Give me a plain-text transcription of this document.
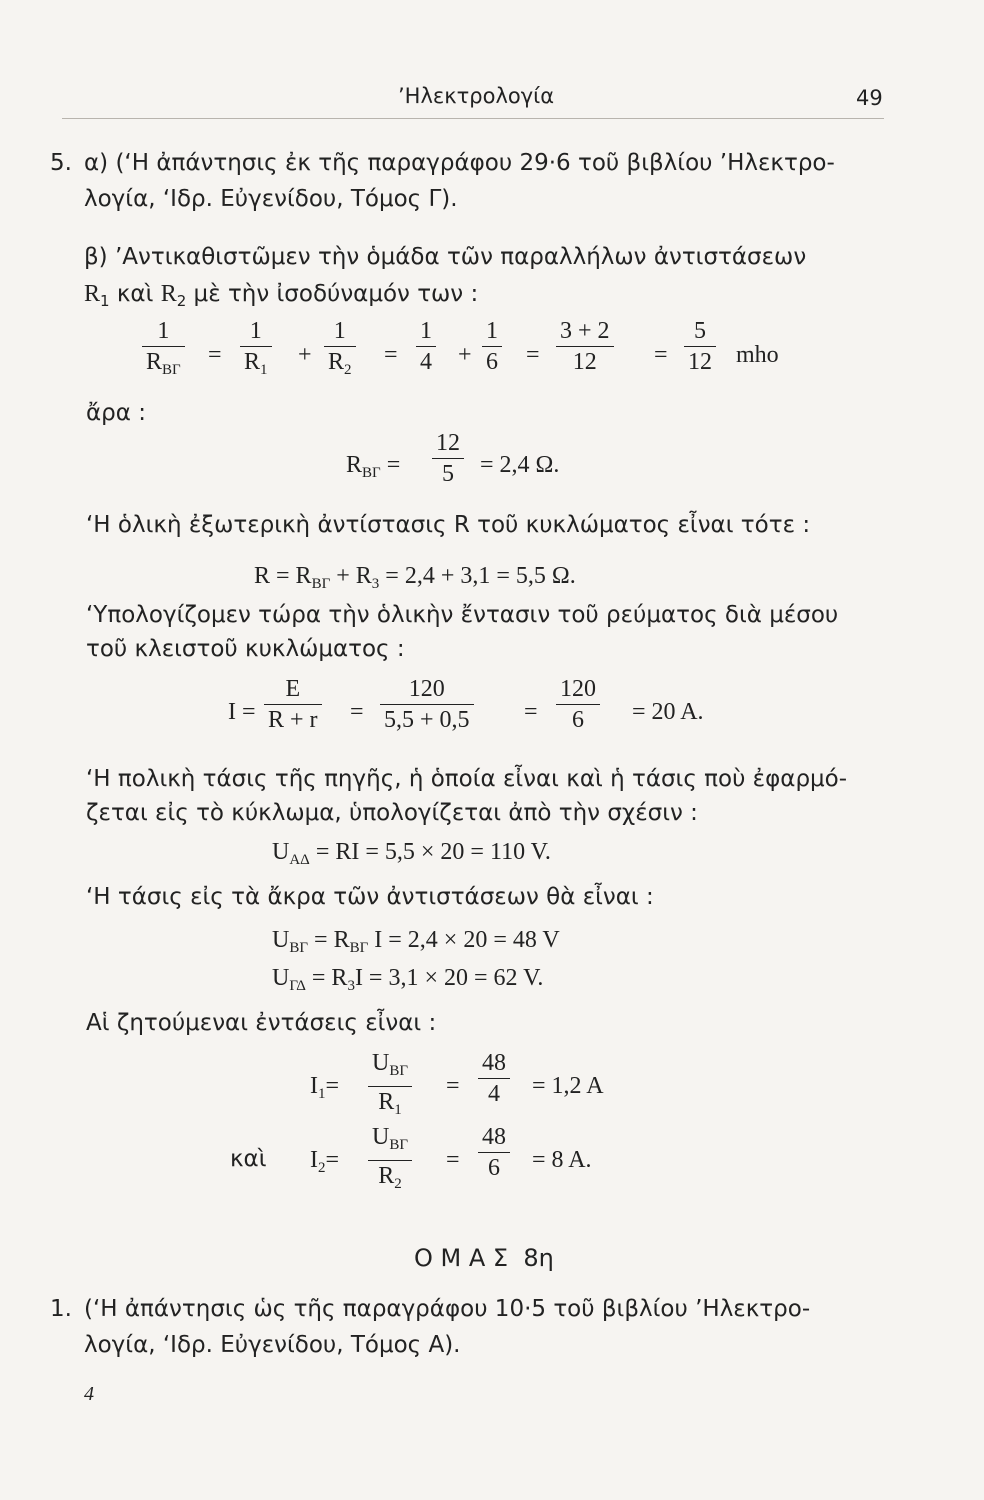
’Ηλεκτρολογία	49
5. α) (‘Η ἀπάντησις ἐκ τῆς παραγράφου 29·6 τοῦ βιβλίου ’Ηλεκτρο-
λογία, ‘Ιδρ. Εὐγενίδου, Τόμος Γ).
β) ’Αντικαθιστῶμεν τὴν ὁμάδα τῶν παραλλήλων ἀντιστάσεων
$R_1$ καὶ $R_2$ μὲ τὴν ἰσοδύναμόν των :
1
$R_{B\Gamma}$
=
1
$R_1$
+
1
$R_2$
=
1
4 +
1
6 =
3 + 2
12 =
5
12 mho
ἄρα :
$R_{B\Gamma}$ =
12
5 = 2,4 Ω.
‘Η ὁλικὴ ἐξωτερικὴ ἀντίστασις R τοῦ κυκλώματος εἶναι τότε :
$R = R_{B\Gamma} + R_3 = 2,4 + 3,1 = 5,5$ Ω.
‘Υπολογίζομεν τώρα τὴν ὁλικὴν ἔντασιν τοῦ ρεύματος διὰ μέσου
τοῦ κλειστοῦ κυκλώματος :
I =
E
R + r =
120
5,5 + 0,5 =
120
6 = 20 A.
‘Η πολικὴ τάσις τῆς πηγῆς, ἡ ὁποία εἶναι καὶ ἡ τάσις ποὺ ἐφαρμό-
ζεται εἰς τὸ κύκλωμα, ὑπολογίζεται ἀπὸ τὴν σχέσιν :
$U_{A\Delta}$ = RI = 5,5 × 20 = 110 V.
‘Η τάσις εἰς τὰ ἄκρα τῶν ἀντιστάσεων θὰ εἶναι :
$U_{B\Gamma} = R_{B\Gamma}$ I = 2,4 × 20 = 48 V
$U_{\Gamma\Delta} = R_3I = 3,1 \times 20 = 62$ V.
Αἱ ζητούμεναι ἐντάσεις εἶναι :
$I_1=$
$U_{B\Gamma}$
$R_1$
=
48
4 = 1,2 A
καὶ $I_2=$
$U_{B\Gamma}$
$R_2$
=
48
6 = 8 A.
Ο Μ Α Σ  8η
1. (‘Η ἀπάντησις ὡς τῆς παραγράφου 10·5 τοῦ βιβλίου ’Ηλεκτρο-
λογία, ‘Ιδρ. Εὐγενίδου, Τόμος Α).
4
